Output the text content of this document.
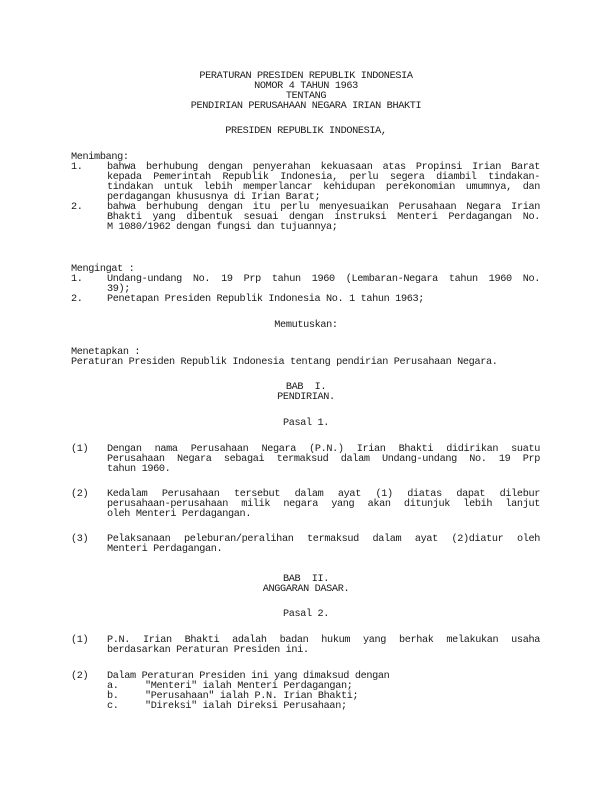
PERATURAN PRESIDEN REPUBLIK INDONESIA
NOMOR 4 TAHUN 1963
TENTANG
PENDIRIAN PERUSAHAAN NEGARA IRIAN BHAKTI
PRESIDEN REPUBLIK INDONESIA,
Menimbang:
1. bahwa berhubung dengan penyerahan kekuasaan atas Propinsi Irian Barat
kepada Pemerintah Republik Indonesia, perlu segera diambil tindakan-
tindakan untuk lebih memperlancar kehidupan perekonomian umumnya, dan
perdagangan khususnya di Irian Barat;
2. bahwa berhubung dengan itu perlu menyesuaikan Perusahaan Negara Irian
Bhakti yang dibentuk sesuai dengan instruksi Menteri Perdagangan No.
M 1080/1962 dengan fungsi dan tujuannya;
Mengingat :
1. Undang-undang No. 19 Prp tahun 1960 (Lembaran-Negara tahun 1960 No.
39);
2. Penetapan Presiden Republik Indonesia No. 1 tahun 1963;
Memutuskan:
Menetapkan :
Peraturan Presiden Republik Indonesia tentang pendirian Perusahaan Negara.
BAB  I.
PENDIRIAN.
Pasal 1.
(1) Dengan nama Perusahaan Negara (P.N.) Irian Bhakti didirikan suatu
Perusahaan Negara sebagai termaksud dalam Undang-undang No. 19 Prp
tahun 1960.
(2) Kedalam Perusahaan tersebut dalam ayat (1) diatas dapat dilebur
perusahaan-perusahaan milik negara yang akan ditunjuk lebih lanjut
oleh Menteri Perdagangan.
(3) Pelaksanaan peleburan/peralihan termaksud dalam ayat (2)diatur oleh
Menteri Perdagangan.
BAB  II.
ANGGARAN DASAR.
Pasal 2.
(1) P.N. Irian Bhakti adalah badan hukum yang berhak melakukan usaha
berdasarkan Peraturan Presiden ini.
(2) Dalam Peraturan Presiden ini yang dimaksud dengan
a.	"Menteri" ialah Menteri Perdagangan;
b.	"Perusahaan" ialah P.N. Irian Bhakti;
c.	"Direksi" ialah Direksi Perusahaan;
